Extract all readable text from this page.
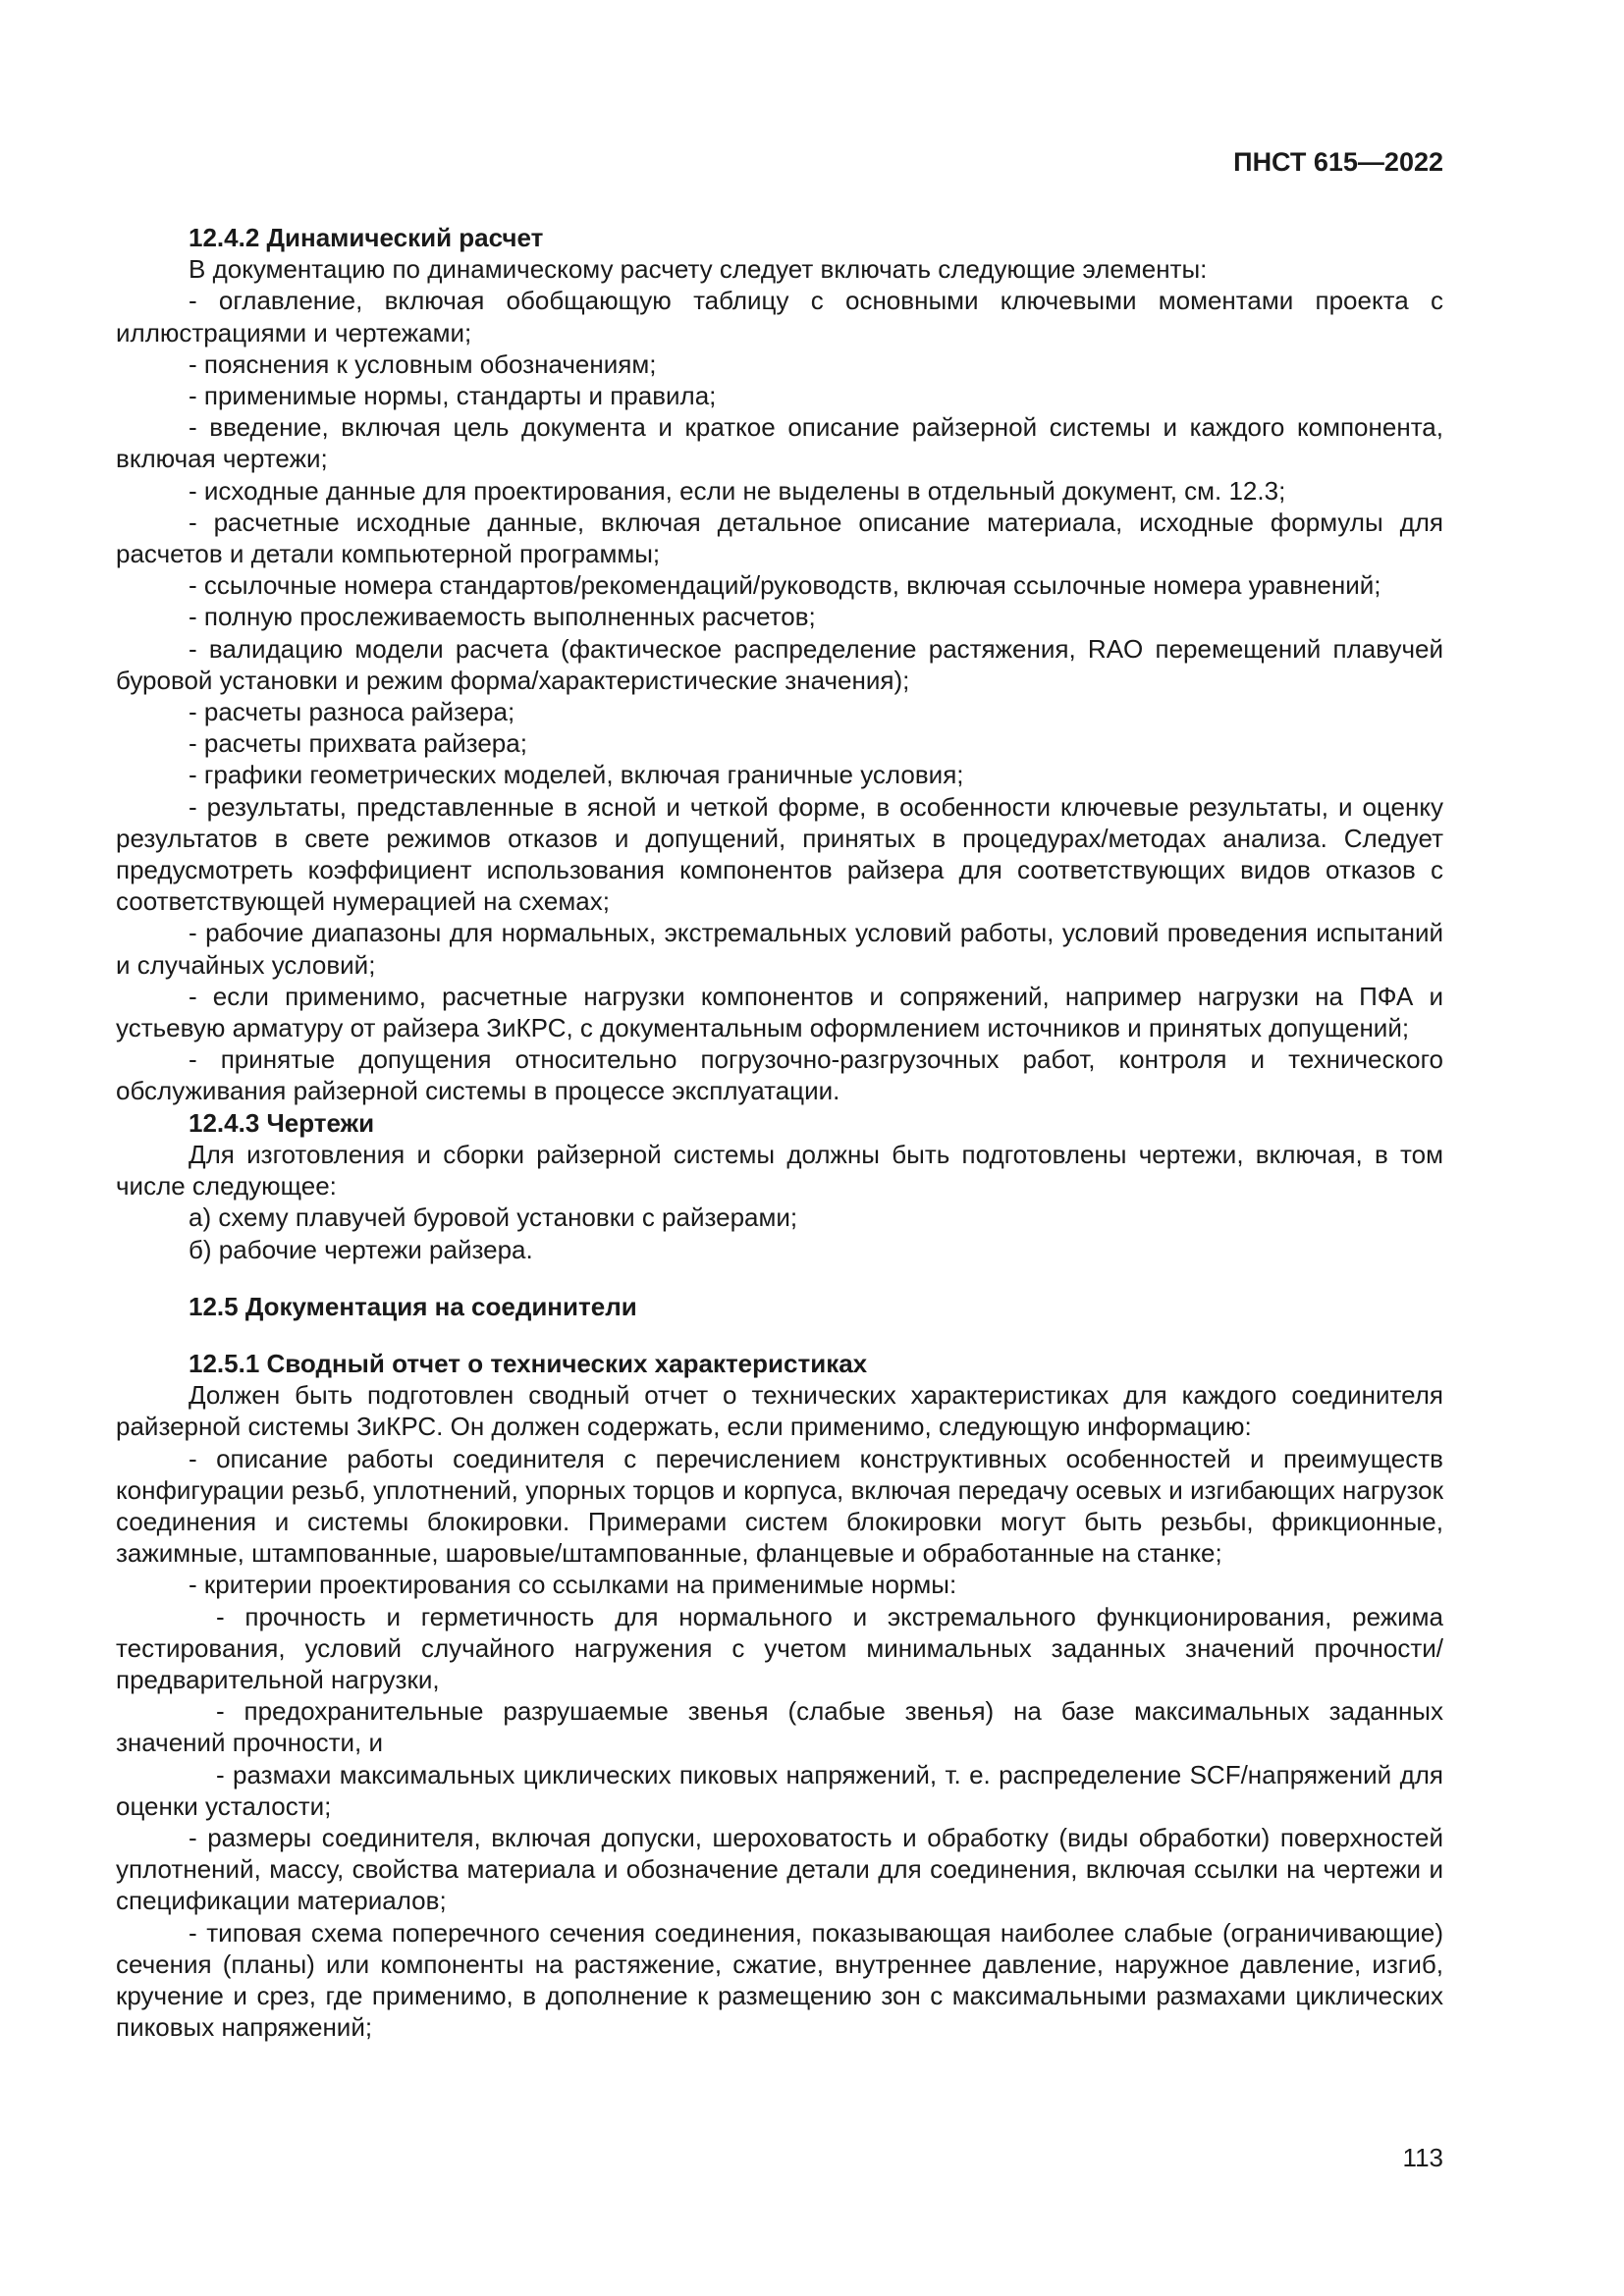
ПНСТ 615—2022

12.4.2 Динамический расчет

В документацию по динамическому расчету следует включать следующие элементы:

- оглавление, включая обобщающую таблицу с основными ключевыми моментами проекта с иллюстрациями и чертежами;

- пояснения к условным обозначениям;

- применимые нормы, стандарты и правила;

- введение, включая цель документа и краткое описание райзерной системы и каждого компонента, включая чертежи;

- исходные данные для проектирования, если не выделены в отдельный документ, см. 12.3;

- расчетные исходные данные, включая детальное описание материала, исходные формулы для расчетов и детали компьютерной программы;

- ссылочные номера стандартов/рекомендаций/руководств, включая ссылочные номера уравнений;

- полную прослеживаемость выполненных расчетов;

- валидацию модели расчета (фактическое распределение растяжения, RAO перемещений плавучей буровой установки и режим форма/характеристические значения);

- расчеты разноса райзера;

- расчеты прихвата райзера;

- графики геометрических моделей, включая граничные условия;

- результаты, представленные в ясной и четкой форме, в особенности ключевые результаты, и оценку результатов в свете режимов отказов и допущений, принятых в процедурах/методах анализа. Следует предусмотреть коэффициент использования компонентов райзера для соответствующих видов отказов с соответствующей нумерацией на схемах;

- рабочие диапазоны для нормальных, экстремальных условий работы, условий проведения испытаний и случайных условий;

- если применимо, расчетные нагрузки компонентов и сопряжений, например нагрузки на ПФА и устьевую арматуру от райзера ЗиКРС, с документальным оформлением источников и принятых допущений;

- принятые допущения относительно погрузочно-разгрузочных работ, контроля и технического обслуживания райзерной системы в процессе эксплуатации.

12.4.3 Чертежи

Для изготовления и сборки райзерной системы должны быть подготовлены чертежи, включая, в том числе следующее:

а) схему плавучей буровой установки с райзерами;

б) рабочие чертежи райзера.

12.5 Документация на соединители

12.5.1 Сводный отчет о технических характеристиках

Должен быть подготовлен сводный отчет о технических характеристиках для каждого соединителя райзерной системы ЗиКРС. Он должен содержать, если применимо, следующую информацию:

- описание работы соединителя с перечислением конструктивных особенностей и преимуществ конфигурации резьб, уплотнений, упорных торцов и корпуса, включая передачу осевых и изгибающих нагрузок соединения и системы блокировки. Примерами систем блокировки могут быть резьбы, фрикционные, зажимные, штампованные, шаровые/штампованные, фланцевые и обработанные на станке;

- критерии проектирования со ссылками на применимые нормы:

- прочность и герметичность для нормального и экстремального функционирования, режима тестирования, условий случайного нагружения с учетом минимальных заданных значений прочности/предварительной нагрузки,

- предохранительные разрушаемые звенья (слабые звенья) на базе максимальных заданных значений прочности, и

- размахи максимальных циклических пиковых напряжений, т. е. распределение SCF/напряжений для оценки усталости;

- размеры соединителя, включая допуски, шероховатость и обработку (виды обработки) поверхностей уплотнений, массу, свойства материала и обозначение детали для соединения, включая ссылки на чертежи и спецификации материалов;

- типовая схема поперечного сечения соединения, показывающая наиболее слабые (ограничивающие) сечения (планы) или компоненты на растяжение, сжатие, внутреннее давление, наружное давление, изгиб, кручение и срез, где применимо, в дополнение к размещению зон с максимальными размахами циклических пиковых напряжений;

113
